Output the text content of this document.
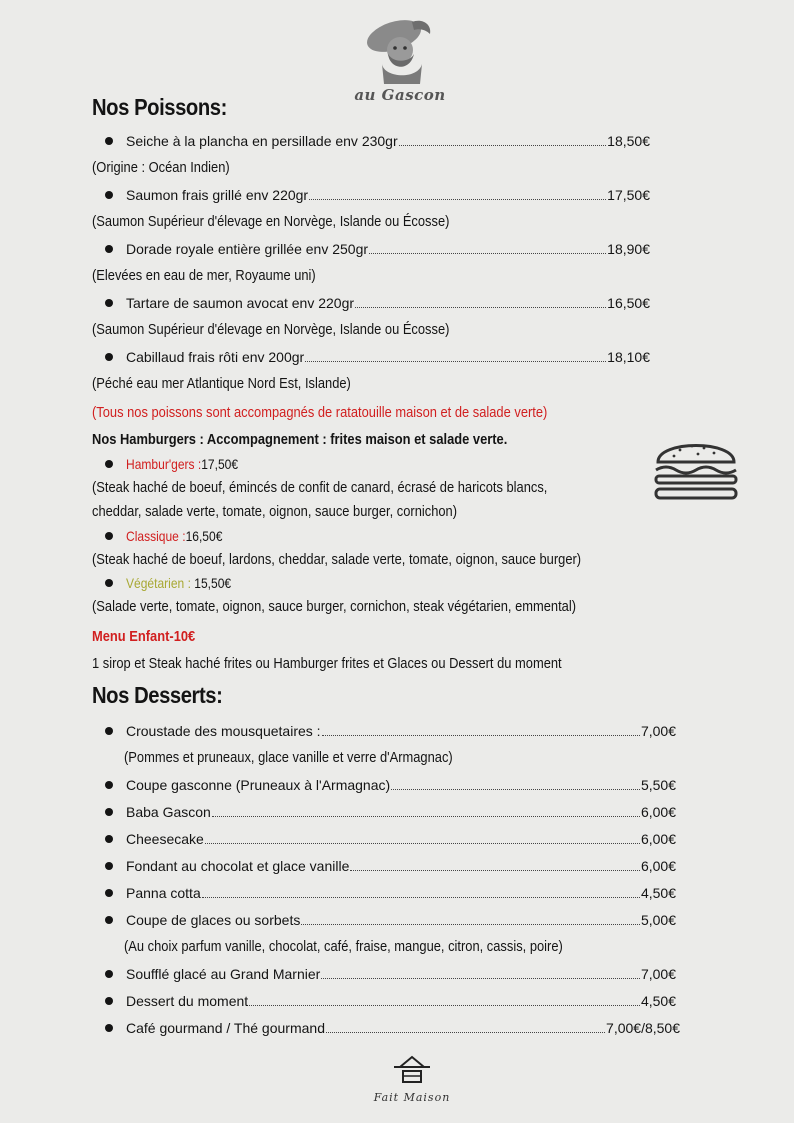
au Gascon
Nos Poissons:
Seiche à la plancha en persillade env 230gr	18,50€
(Origine : Océan Indien)
Saumon frais grillé env 220gr	17,50€
(Saumon Supérieur d'élevage en Norvège, Islande ou Écosse)
Dorade royale entière grillée env 250gr	18,90€
(Elevées en eau de mer, Royaume uni)
Tartare de saumon avocat env 220gr	16,50€
(Saumon Supérieur d'élevage en Norvège, Islande ou Écosse)
Cabillaud frais rôti env 200gr	18,10€
(Péché eau mer Atlantique Nord Est, Islande)
(Tous nos poissons sont accompagnés de ratatouille maison et de salade verte)
Nos Hamburgers : Accompagnement : frites maison et salade verte.
Hambur'gers :17,50€
(Steak haché de boeuf, émincés de confit de canard, écrasé de haricots blancs,
cheddar, salade verte, tomate, oignon, sauce burger, cornichon)
Classique :16,50€
(Steak haché de boeuf, lardons, cheddar, salade verte, tomate, oignon, sauce burger)
Végétarien : 15,50€
(Salade verte, tomate, oignon, sauce burger, cornichon, steak végétarien, emmental)
Menu Enfant-10€
1 sirop et Steak haché frites ou Hamburger frites et Glaces ou Dessert du moment
Nos Desserts:
Croustade des mousquetaires :	7,00€
(Pommes et pruneaux, glace vanille et verre d'Armagnac)
Coupe gasconne (Pruneaux à l'Armagnac)	5,50€
Baba Gascon	6,00€
Cheesecake	6,00€
Fondant au chocolat et glace vanille	6,00€
Panna cotta	4,50€
Coupe de glaces ou sorbets	5,00€
(Au choix parfum vanille, chocolat, café, fraise, mangue, citron, cassis, poire)
Soufflé glacé au Grand Marnier	7,00€
Dessert du moment	4,50€
Café gourmand / Thé gourmand	7,00€/8,50€
Fait Maison
